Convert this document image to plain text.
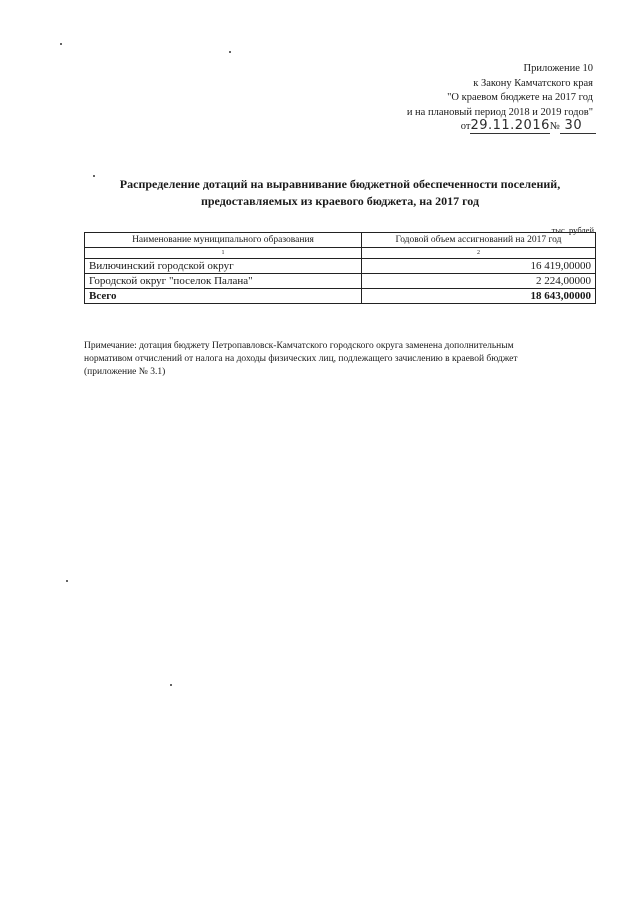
Приложение 10
к Закону Камчатского края
"О краевом бюджете на 2017 год
и на плановый период 2018 и 2019 годов"
от29.11.2016№ 30
Распределение дотаций на выравнивание бюджетной обеспеченности поселений,
предоставляемых из краевого бюджета, на 2017 год
тыс. рублей
Наименование муниципального образования	Годовой объем ассигнований на 2017 год
1	2
Вилючинский городской округ	16 419,00000
Городской округ "поселок Палана"	2 224,00000
Всего	18 643,00000
Примечание: дотация бюджету Петропавловск-Камчатского городского округа заменена дополнительным
нормативом отчислений от налога на доходы физических лиц, подлежащего зачислению в краевой бюджет
(приложение № 3.1)
